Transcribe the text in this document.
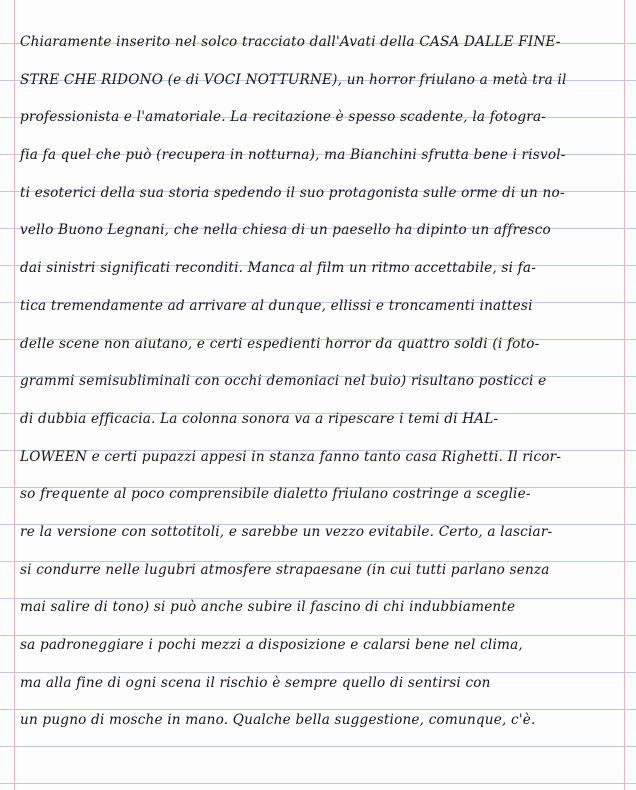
Chiaramente inserito nel solco tracciato dall'Avati della CASA DALLE FINE-
STRE CHE RIDONO (e di VOCI NOTTURNE), un horror friulano a metà tra il
professionista e l'amatoriale. La recitazione è spesso scadente, la fotogra-
fia fa quel che può (recupera in notturna), ma Bianchini sfrutta bene i risvol-
ti esoterici della sua storia spedendo il suo protagonista sulle orme di un no-
vello Buono Legnani, che nella chiesa di un paesello ha dipinto un affresco
dai sinistri significati reconditi. Manca al film un ritmo accettabile, si fa-
tica tremendamente ad arrivare al dunque, ellissi e troncamenti inattesi
delle scene non aiutano, e certi espedienti horror da quattro soldi (i foto-
grammi semisubliminali con occhi demoniaci nel buio) risultano posticci e
di dubbia efficacia. La colonna sonora va a ripescare i temi di HAL-
LOWEEN e certi pupazzi appesi in stanza fanno tanto casa Righetti. Il ricor-
so frequente al poco comprensibile dialetto friulano costringe a sceglie-
re la versione con sottotitoli, e sarebbe un vezzo evitabile. Certo, a lasciar-
si condurre nelle lugubri atmosfere strapaesane (in cui tutti parlano senza
mai salire di tono) si può anche subire il fascino di chi indubbiamente
sa padroneggiare i pochi mezzi a disposizione e calarsi bene nel clima,
ma alla fine di ogni scena il rischio è sempre quello di sentirsi con
un pugno di mosche in mano. Qualche bella suggestione, comunque, c'è.
